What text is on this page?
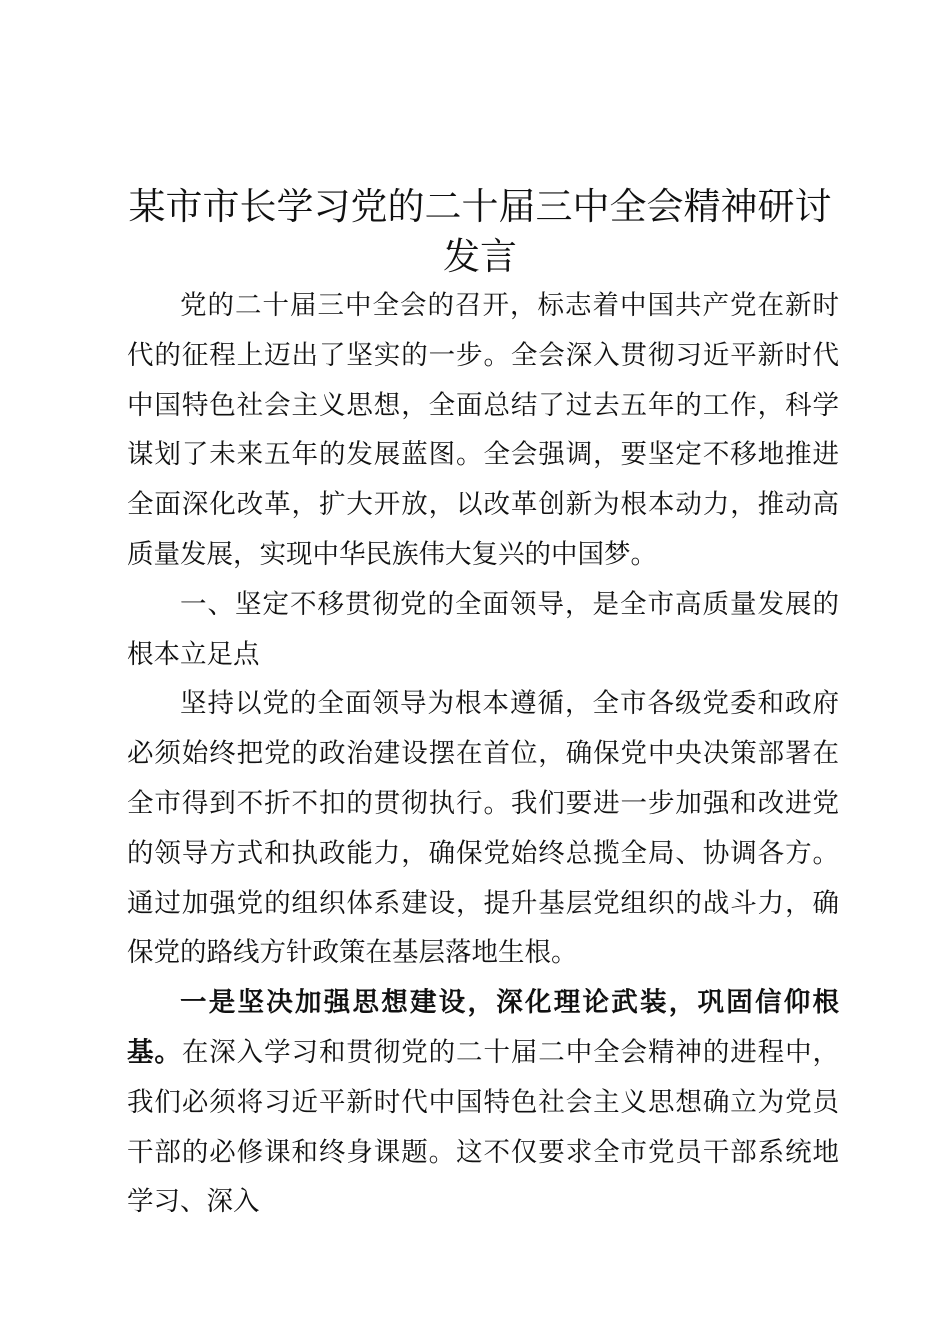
某市市长学习党的二十届三中全会精神研讨发言

党的二十届三中全会的召开，标志着中国共产党在新时代的征程上迈出了坚实的一步。全会深入贯彻习近平新时代中国特色社会主义思想，全面总结了过去五年的工作，科学谋划了未来五年的发展蓝图。全会强调，要坚定不移地推进全面深化改革，扩大开放，以改革创新为根本动力，推动高质量发展，实现中华民族伟大复兴的中国梦。

一、坚定不移贯彻党的全面领导，是全市高质量发展的根本立足点

坚持以党的全面领导为根本遵循，全市各级党委和政府必须始终把党的政治建设摆在首位，确保党中央决策部署在全市得到不折不扣的贯彻执行。我们要进一步加强和改进党的领导方式和执政能力，确保党始终总揽全局、协调各方。通过加强党的组织体系建设，提升基层党组织的战斗力，确保党的路线方针政策在基层落地生根。

一是坚决加强思想建设，深化理论武装，巩固信仰根基。在深入学习和贯彻党的二十届二中全会精神的进程中，我们必须将习近平新时代中国特色社会主义思想确立为党员干部的必修课和终身课题。这不仅要求全市党员干部系统地学习、深入
